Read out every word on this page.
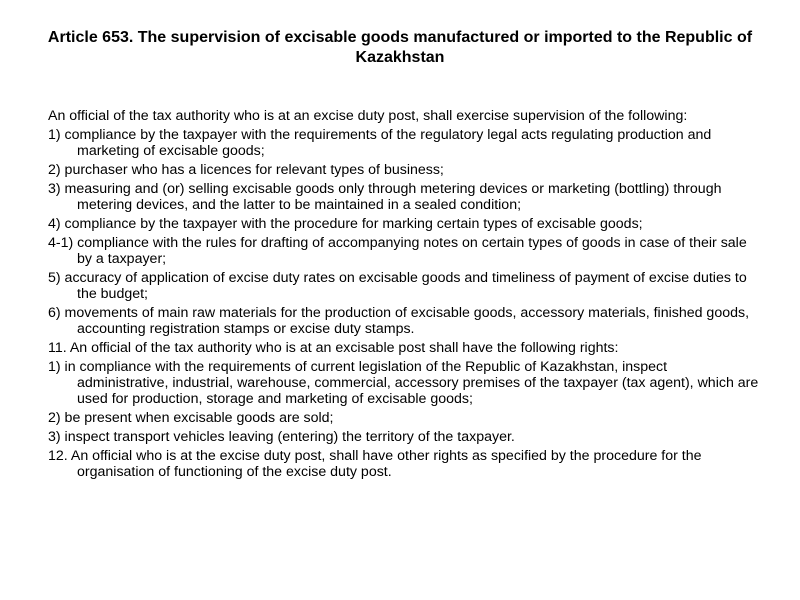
Article 653. The supervision of excisable goods manufactured or imported to the Republic of Kazakhstan

An official of the tax authority who is at an excise duty post, shall exercise supervision of the following:

1) compliance by the taxpayer with the requirements of the regulatory legal acts regulating production and marketing of excisable goods;

2) purchaser who has a licences for relevant types of business;

3) measuring and (or) selling excisable goods only through metering devices or marketing (bottling) through metering devices, and the latter to be maintained in a sealed condition;

4) compliance by the taxpayer with the procedure for marking certain types of excisable goods;

4-1) compliance with the rules for drafting of accompanying notes on certain types of goods in case of their sale by a taxpayer;

5) accuracy of application of excise duty rates on excisable goods and timeliness of payment of excise duties to the budget;

6) movements of main raw materials for the production of excisable goods, accessory materials, finished goods, accounting registration stamps or excise duty stamps.

11. An official of the tax authority who is at an excisable post shall have the following rights:

1) in compliance with the requirements of current legislation of the Republic of Kazakhstan, inspect administrative, industrial, warehouse, commercial, accessory premises of the taxpayer (tax agent), which are used for production, storage and marketing of excisable goods;

2) be present when excisable goods are sold;

3) inspect transport vehicles leaving (entering) the territory of the taxpayer.

12. An official who is at the excise duty post, shall have other rights as specified by the procedure for the organisation of functioning of the excise duty post.
